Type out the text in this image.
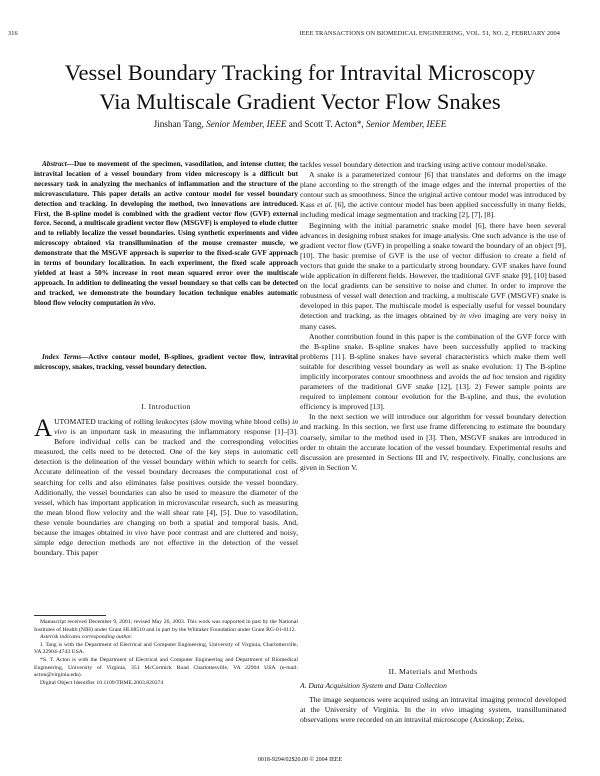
316	IEEE TRANSACTIONS ON BIOMEDICAL ENGINEERING, VOL. 51, NO. 2, FEBRUARY 2004
Vessel Boundary Tracking for Intravital Microscopy
Via Multiscale Gradient Vector Flow Snakes
Jinshan Tang, Senior Member, IEEE and Scott T. Acton*, Senior Member, IEEE

Abstract—Due to movement of the specimen, vasodilation, and intense clutter, the intravital location of a vessel boundary from video microscopy is a difficult but necessary task in analyzing the mechanics of inflammation and the structure of the microvasculature. This paper details an active contour model for vessel boundary detection and tracking. In developing the method, two innovations are introduced. First, the B-spline model is combined with the gradient vector flow (GVF) external force. Second, a multiscale gradient vector flow (MSGVF) is employed to elude clutter and to reliably localize the vessel boundaries. Using synthetic experiments and video microscopy obtained via transillumination of the mouse cremaster muscle, we demonstrate that the MSGVF approach is superior to the fixed-scale GVF approach in terms of boundary localization. In each experiment, the fixed scale approach yielded at least a 50% increase in root mean squared error over the multiscale approach. In addition to delineating the vessel boundary so that cells can be detected and tracked, we demonstrate the boundary location technique enables automatic blood flow velocity computation in vivo.

Index Terms—Active contour model, B-splines, gradient vector flow, intravital microscopy, snakes, tracking, vessel boundary detection.

I. Introduction

AUTOMATED tracking of rolling leukocytes (slow moving white blood cells) in vivo is an important task in measuring the inflammatory response [1]–[3]. Before individual cells can be tracked and the corresponding velocities measured, the cells need to be detected. One of the key steps in automatic cell detection is the delineation of the vessel boundary within which to search for cells. Accurate delineation of the vessel boundary decreases the computational cost of searching for cells and also eliminates false positives outside the vessel boundary. Additionally, the vessel boundaries can also be used to measure the diameter of the vessel, which has important application in microvascular research, such as measuring the mean blood flow velocity and the wall shear rate [4], [5]. Due to vasodilation, these venule boundaries are changing on both a spatial and temporal basis. And, because the images obtained in vivo have poor contrast and are cluttered and noisy, simple edge detection methods are not effective in the detection of the vessel boundary. This paper

Manuscript received December 9, 2001; revised May 26, 2003. This work was supported in part by the National Institutes of Health (NIH) under Grant HL68510 and in part by the Whitaker Foundation under Grant RG-01-0112.

Asterisk indicates corresponding author.

J. Tang is with the Department of Electrical and Computer Engineering, University of Virginia, Charlottesville, VA 22904-4743 USA.

*S. T. Acton is with the Department of Electrical and Computer Engineering and Department of Biomedical Engineering, University of Virginia, 351 McCormick Road Charlottesville, VA 22904 USA (e-mail: acton@virginia.edu).

Digital Object Identifier 10.1109/TBME.2003.820374

tackles vessel boundary detection and tracking using active contour model/snake.

A snake is a parameterized contour [6] that translates and deforms on the image plane according to the strength of the image edges and the internal properties of the contour such as smoothness. Since the original active contour model was introduced by Kass et al. [6], the active contour model has been applied successfully in many fields, including medical image segmentation and tracking [2], [7], [8].

Beginning with the initial parametric snake model [6], there have been several advances in designing robust snakes for image analysis. One such advance is the use of gradient vector flow (GVF) in propelling a snake toward the boundary of an object [9], [10]. The basic premise of GVF is the use of vector diffusion to create a field of vectors that guide the snake to a particularly strong boundary. GVF snakes have found wide application in different fields. However, the traditional GVF snake [9], [10] based on the local gradients can be sensitive to noise and clutter. In order to improve the robustness of vessel wall detection and tracking, a multiscale GVF (MSGVF) snake is developed in this paper. The multiscale model is especially useful for vessel boundary detection and tracking, as the images obtained by in vivo imaging are very noisy in many cases.

Another contribution found in this paper is the combination of the GVF force with the B-spline snake. B-spline snakes have been successfully applied to tracking problems [11]. B-spline snakes have several characteristics which make them well suitable for describing vessel boundary as well as snake evolution: 1) The B-spline implicitly incorporates contour smoothness and avoids the ad hoc tension and rigidity parameters of the traditional GVF snake [12], [13]. 2) Fewer sample points are required to implement contour evolution for the B-spline, and thus, the evolution efficiency is improved [13].

In the next section we will introduce our algorithm for vessel boundary detection and tracking. In this section, we first use frame differencing to estimate the boundary coarsely, similar to the method used in [3]. Then, MSGVF snakes are introduced in order to obtain the accurate location of the vessel boundary. Experimental results and discussion are presented in Sections III and IV, respectively. Finally, conclusions are given in Section V.

II. Materials and Methods
A. Data Acquisition System and Data Collection

The image sequences were acquired using an intravital imaging protocol developed at the University of Virginia. In the in vivo imaging system, transilluminated observations were recorded on an intravital microscope (Axioskop; Zeiss,

0018-9294/02$20.00 © 2004 IEEE
